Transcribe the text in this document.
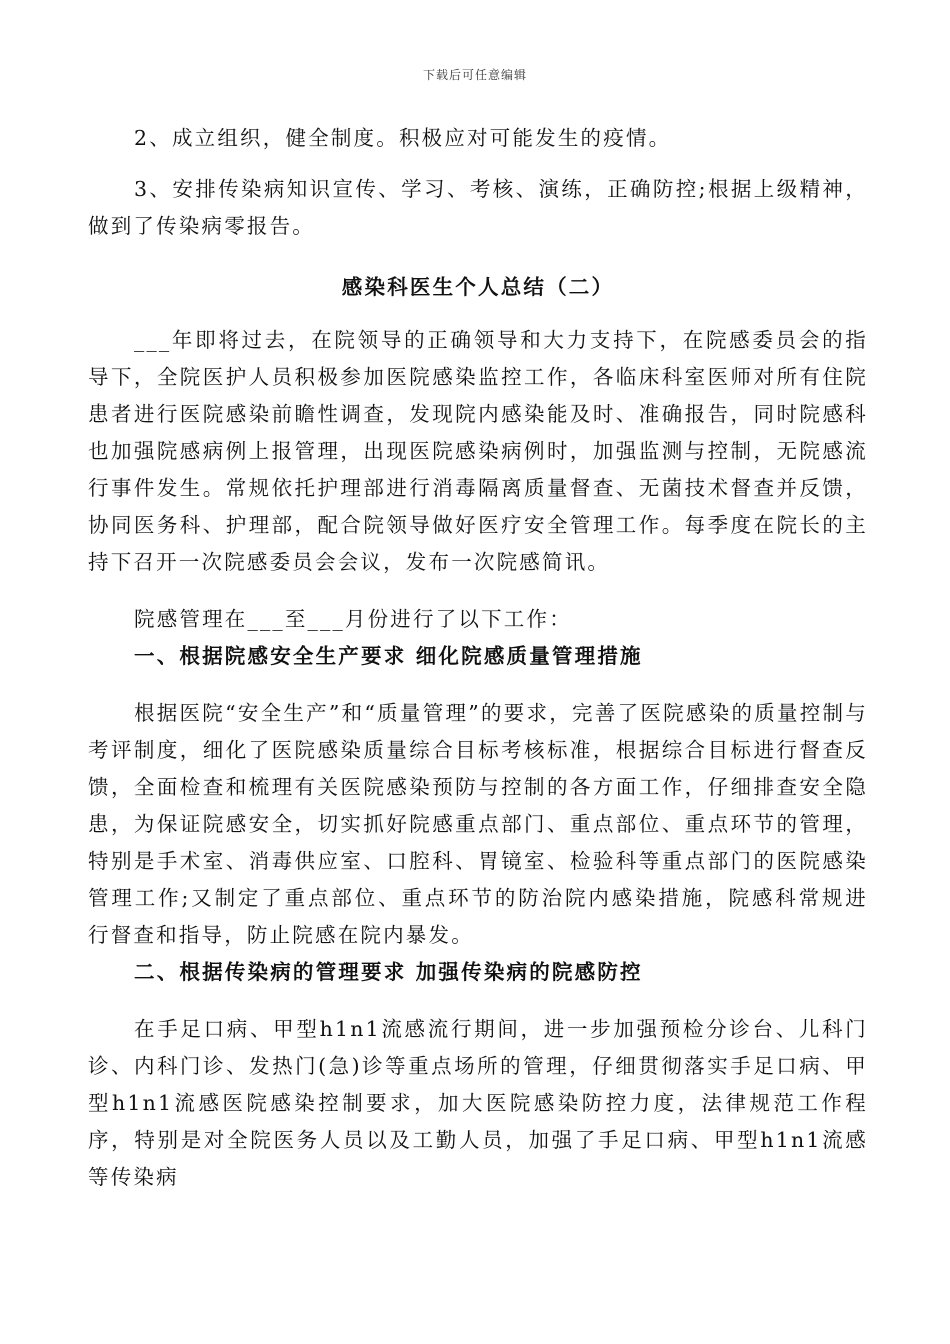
下载后可任意编辑

2、成立组织，健全制度。积极应对可能发生的疫情。

3、安排传染病知识宣传、学习、考核、演练，正确防控;根据上级精神，做到了传染病零报告。

感染科医生个人总结（二）

___年即将过去，在院领导的正确领导和大力支持下，在院感委员会的指导下，全院医护人员积极参加医院感染监控工作，各临床科室医师对所有住院患者进行医院感染前瞻性调查，发现院内感染能及时、准确报告，同时院感科也加强院感病例上报管理，出现医院感染病例时，加强监测与控制，无院感流行事件发生。常规依托护理部进行消毒隔离质量督查、无菌技术督查并反馈，协同医务科、护理部，配合院领导做好医疗安全管理工作。每季度在院长的主持下召开一次院感委员会会议，发布一次院感简讯。

院感管理在___至___月份进行了以下工作：

一、根据院感安全生产要求 细化院感质量管理措施

根据医院“安全生产”和“质量管理”的要求，完善了医院感染的质量控制与考评制度，细化了医院感染质量综合目标考核标准，根据综合目标进行督查反馈，全面检查和梳理有关医院感染预防与控制的各方面工作，仔细排查安全隐患，为保证院感安全，切实抓好院感重点部门、重点部位、重点环节的管理，特别是手术室、消毒供应室、口腔科、胃镜室、检验科等重点部门的医院感染管理工作;又制定了重点部位、重点环节的防治院内感染措施，院感科常规进行督查和指导，防止院感在院内暴发。

二、根据传染病的管理要求 加强传染病的院感防控

在手足口病、甲型h1n1流感流行期间，进一步加强预检分诊台、儿科门诊、内科门诊、发热门(急)诊等重点场所的管理，仔细贯彻落实手足口病、甲型h1n1流感医院感染控制要求，加大医院感染防控力度，法律规范工作程序，特别是对全院医务人员以及工勤人员，加强了手足口病、甲型h1n1流感等传染病
